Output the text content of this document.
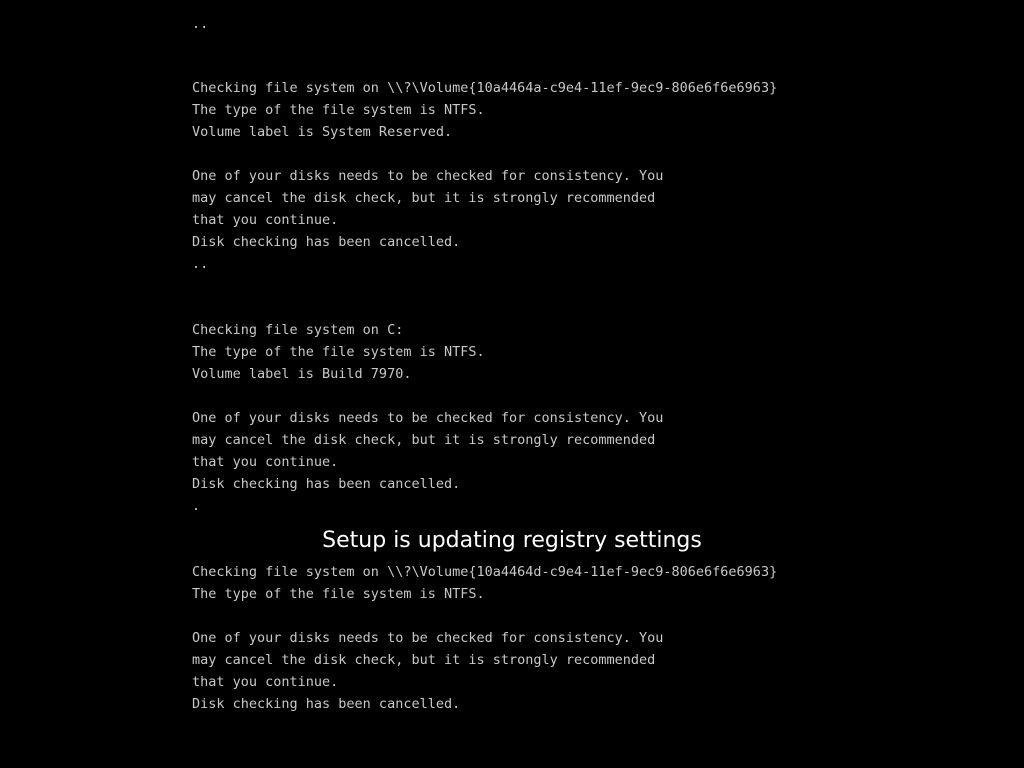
..
Checking file system on \\?\Volume{10a4464a-c9e4-11ef-9ec9-806e6f6e6963}
The type of the file system is NTFS.
Volume label is System Reserved.
One of your disks needs to be checked for consistency. You
may cancel the disk check, but it is strongly recommended
that you continue.
Disk checking has been cancelled.
..
Checking file system on C:
The type of the file system is NTFS.
Volume label is Build 7970.
One of your disks needs to be checked for consistency. You
may cancel the disk check, but it is strongly recommended
that you continue.
Disk checking has been cancelled.
.
Setup is updating registry settings
Checking file system on \\?\Volume{10a4464d-c9e4-11ef-9ec9-806e6f6e6963}
The type of the file system is NTFS.
One of your disks needs to be checked for consistency. You
may cancel the disk check, but it is strongly recommended
that you continue.
Disk checking has been cancelled.
